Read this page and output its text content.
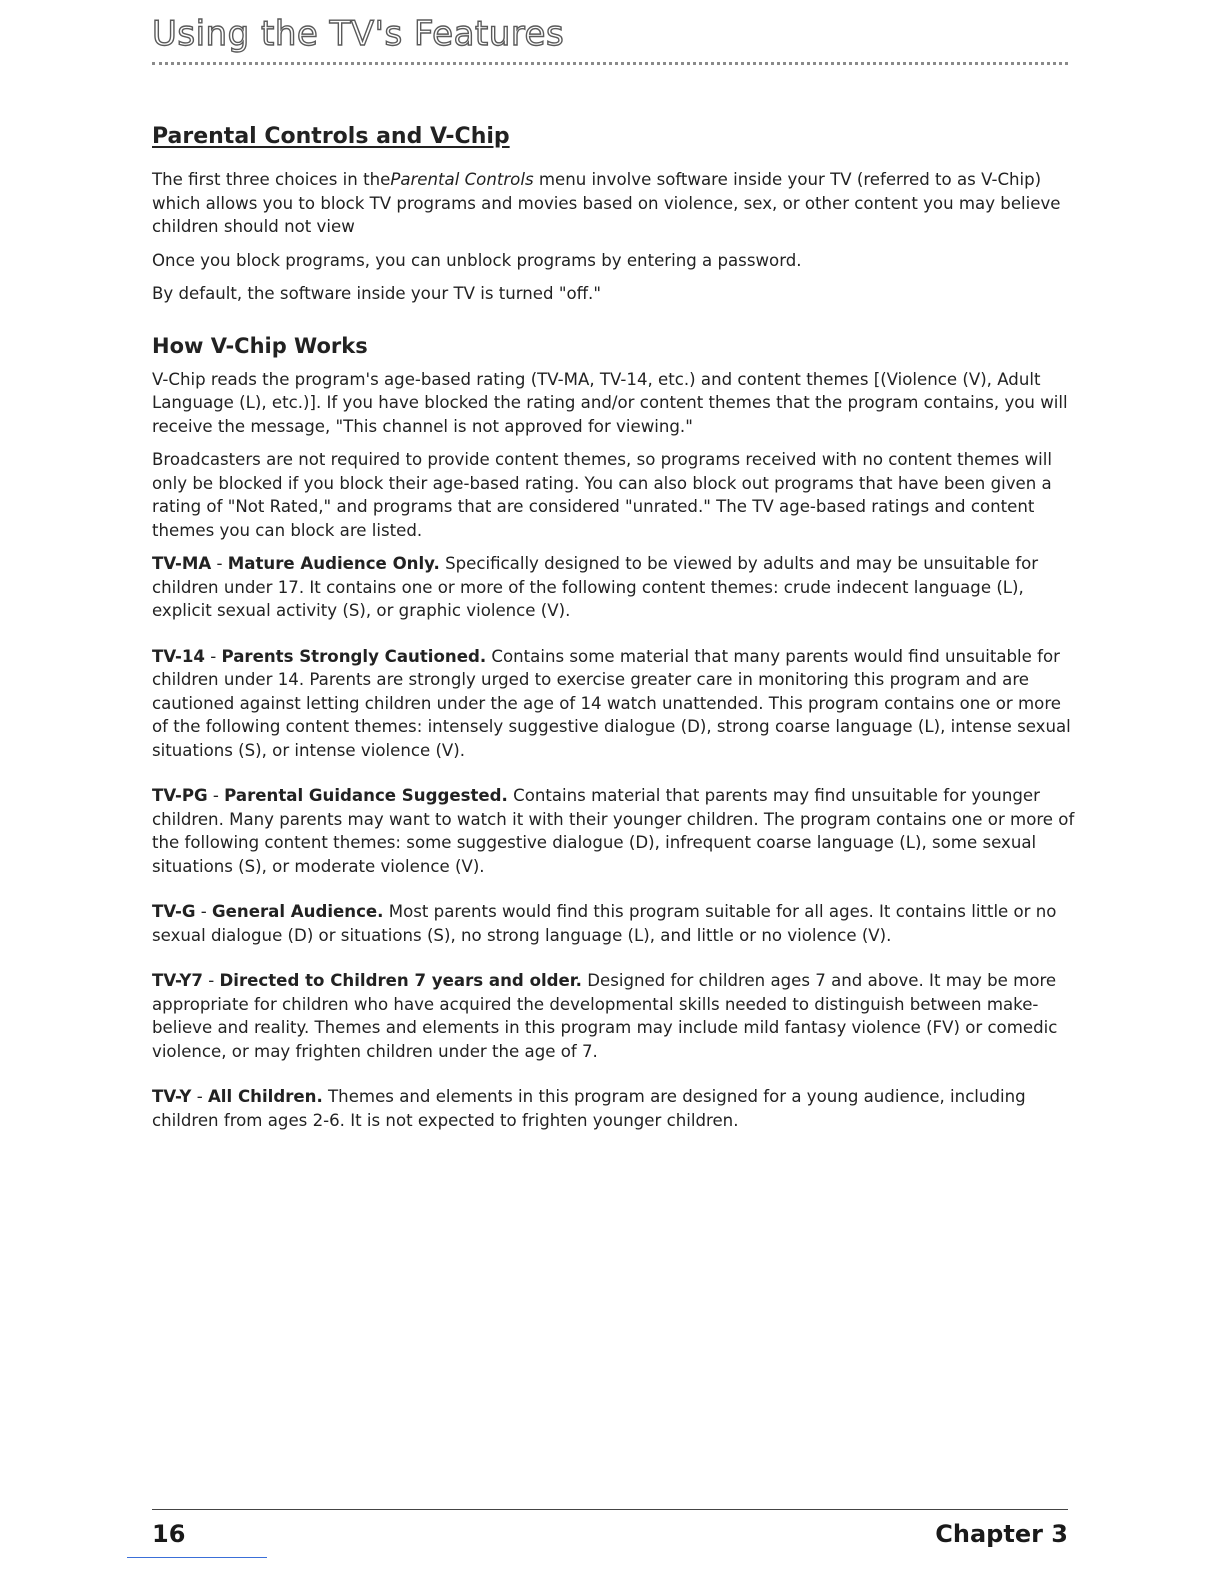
Using the TV's Features
Parental Controls and V-Chip

The first three choices in theParental Controls menu involve software inside your TV (referred to as V-Chip) which allows you to block TV programs and movies based on violence, sex, or other content you may believe children should not view

Once you block programs, you can unblock programs by entering a password.

By default, the software inside your TV is turned "off."

How V-Chip Works

V-Chip reads the program's age-based rating (TV-MA, TV-14, etc.) and content themes [(Violence (V), Adult Language (L), etc.)]. If you have blocked the rating and/or content themes that the program contains, you will receive the message, "This channel is not approved for viewing."

Broadcasters are not required to provide content themes, so programs received with no content themes will only be blocked if you block their age-based rating. You can also block out programs that have been given a rating of "Not Rated," and programs that are considered "unrated." The TV age-based ratings and content themes you can block are listed.

TV-MA - Mature Audience Only. Specifically designed to be viewed by adults and may be unsuitable for children under 17. It contains one or more of the following content themes: crude indecent language (L), explicit sexual activity (S), or graphic violence (V).

TV-14 - Parents Strongly Cautioned. Contains some material that many parents would find unsuitable for children under 14. Parents are strongly urged to exercise greater care in monitoring this program and are cautioned against letting children under the age of 14 watch unattended. This program contains one or more of the following content themes: intensely suggestive dialogue (D), strong coarse language (L), intense sexual situations (S), or intense violence (V).

TV-PG - Parental Guidance Suggested. Contains material that parents may find unsuitable for younger children. Many parents may want to watch it with their younger children. The program contains one or more of the following content themes: some suggestive dialogue (D), infrequent coarse language (L), some sexual situations (S), or moderate violence (V).

TV-G - General Audience. Most parents would find this program suitable for all ages. It contains little or no sexual dialogue (D) or situations (S), no strong language (L), and little or no violence (V).

TV-Y7 - Directed to Children 7 years and older. Designed for children ages 7 and above. It may be more appropriate for children who have acquired the developmental skills needed to distinguish between make-believe and reality. Themes and elements in this program may include mild fantasy violence (FV) or comedic violence, or may frighten children under the age of 7.

TV-Y - All Children. Themes and elements in this program are designed for a young audience, including children from ages 2-6. It is not expected to frighten younger children.

16	Chapter 3
